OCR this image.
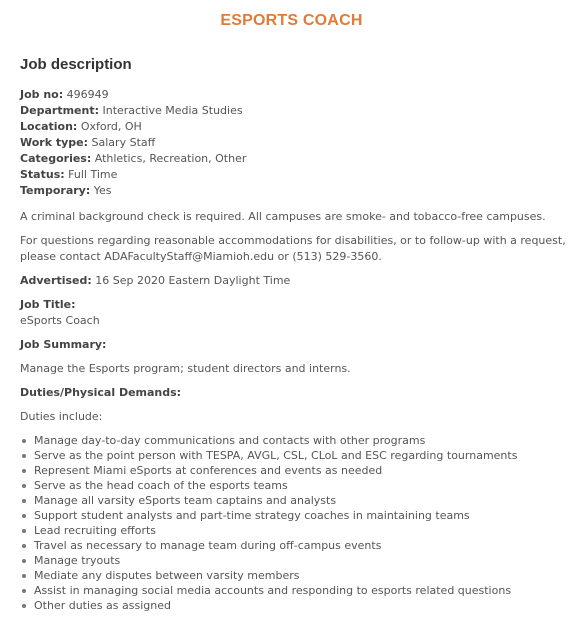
ESPORTS COACH
Job description

Job no: 496949

Department: Interactive Media Studies

Location: Oxford, OH

Work type: Salary Staff

Categories: Athletics, Recreation, Other

Status: Full Time

Temporary: Yes

A criminal background check is required. All campuses are smoke- and tobacco-free campuses.

For questions regarding reasonable accommodations for disabilities, or to follow-up with a request,

please contact ADAFacultyStaff@Miamioh.edu or (513) 529-3560.

Advertised: 16 Sep 2020 Eastern Daylight Time

Job Title:

eSports Coach

Job Summary:

Manage the Esports program; student directors and interns.

Duties/Physical Demands:

Duties include:

Manage day-to-day communications and contacts with other programs
Serve as the point person with TESPA, AVGL, CSL, CLoL and ESC regarding tournaments
Represent Miami eSports at conferences and events as needed
Serve as the head coach of the esports teams
Manage all varsity eSports team captains and analysts
Support student analysts and part-time strategy coaches in maintaining teams
Lead recruiting efforts
Travel as necessary to manage team during off-campus events
Manage tryouts
Mediate any disputes between varsity members
Assist in managing social media accounts and responding to esports related questions
Other duties as assigned
